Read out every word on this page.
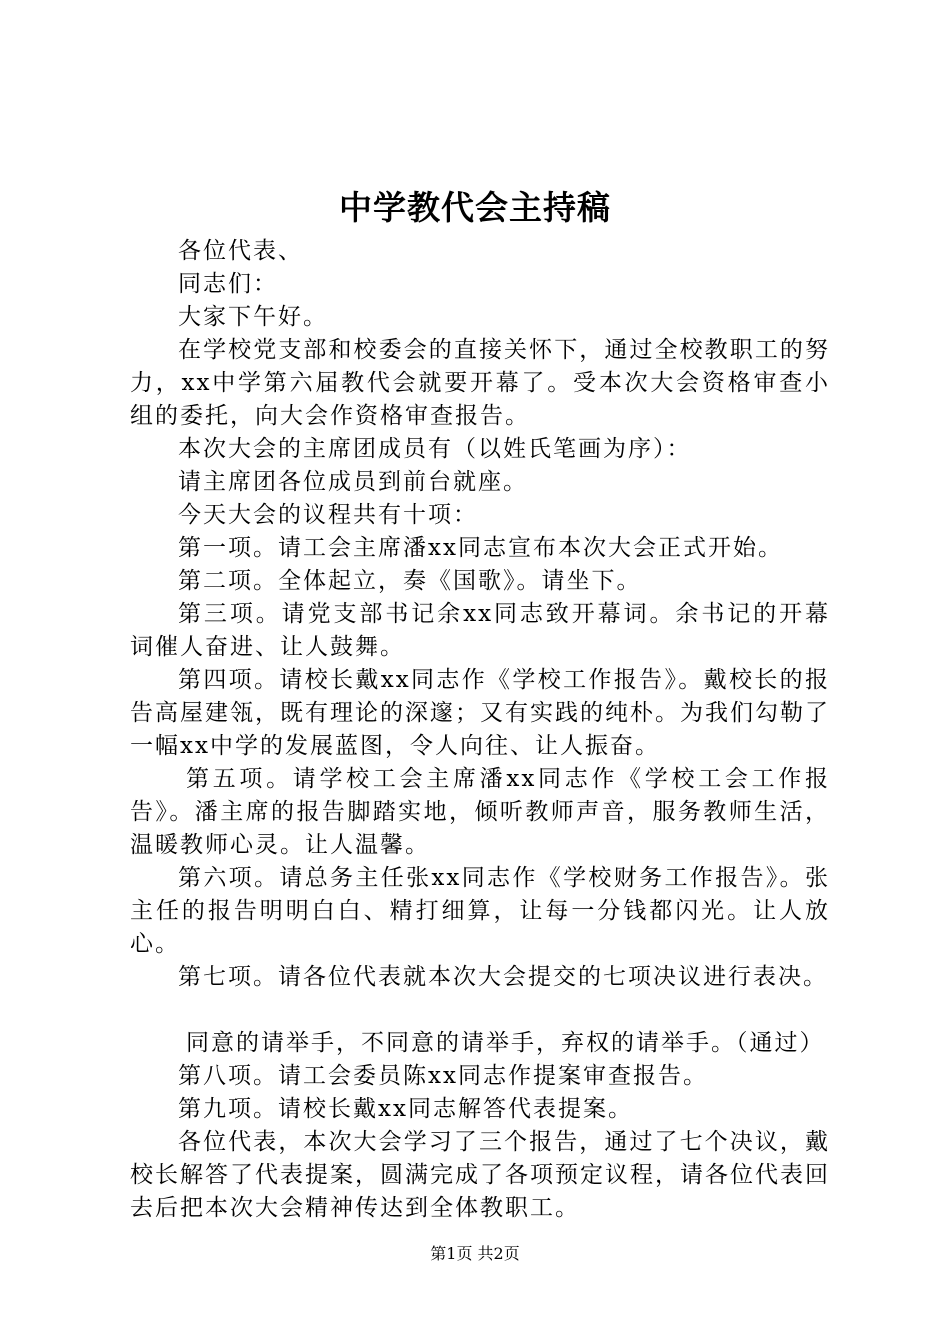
中学教代会主持稿

各位代表、

同志们：

大家下午好。

在学校党支部和校委会的直接关怀下，通过全校教职工的努力，xx中学第六届教代会就要开幕了。受本次大会资格审查小组的委托，向大会作资格审查报告。

本次大会的主席团成员有（以姓氏笔画为序）：

请主席团各位成员到前台就座。

今天大会的议程共有十项：

第一项。请工会主席潘xx同志宣布本次大会正式开始。

第二项。全体起立，奏《国歌》。请坐下。

第三项。请党支部书记余xx同志致开幕词。余书记的开幕词催人奋进、让人鼓舞。

第四项。请校长戴xx同志作《学校工作报告》。戴校长的报告高屋建瓴，既有理论的深邃；又有实践的纯朴。为我们勾勒了一幅xx中学的发展蓝图，令人向往、让人振奋。

第五项。请学校工会主席潘xx同志作《学校工会工作报告》。潘主席的报告脚踏实地，倾听教师声音，服务教师生活，温暖教师心灵。让人温馨。

第六项。请总务主任张xx同志作《学校财务工作报告》。张主任的报告明明白白、精打细算，让每一分钱都闪光。让人放心。

第七项。请各位代表就本次大会提交的七项决议进行表决。

同意的请举手，不同意的请举手，弃权的请举手。（通过）

第八项。请工会委员陈xx同志作提案审查报告。

第九项。请校长戴xx同志解答代表提案。

各位代表，本次大会学习了三个报告，通过了七个决议，戴校长解答了代表提案，圆满完成了各项预定议程，请各位代表回去后把本次大会精神传达到全体教职工。

第1页 共2页
